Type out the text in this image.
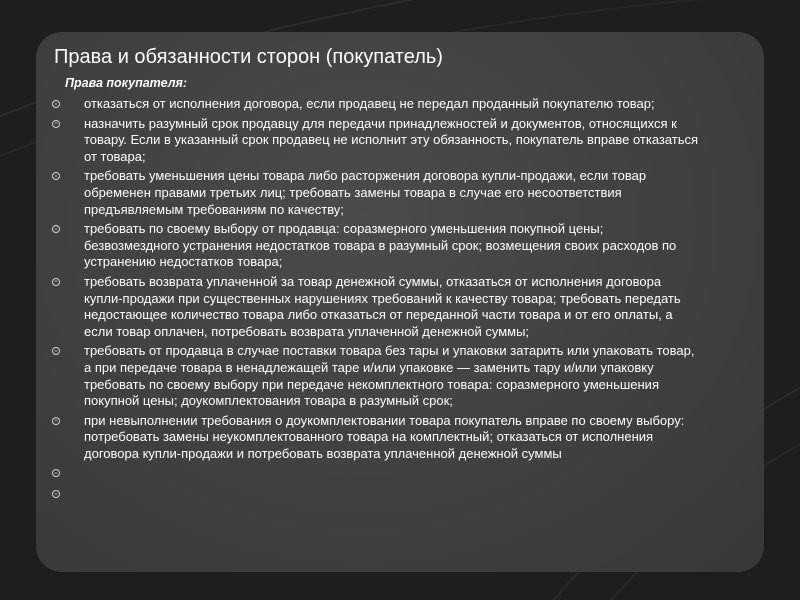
Права и обязанности сторон (покупатель)
Права покупателя:
отказаться от исполнения договора, если продавец не передал проданный покупателю товар;
назначить разумный срок продавцу для передачи принадлежностей и документов, относящихся к товару. Если в указанный срок продавец не исполнит эту обязанность, покупатель вправе отказаться от товара;
требовать уменьшения цены товара либо расторжения договора купли-продажи, если товар обременен правами третьих лиц; требовать замены товара в случае его несоответствия предъявляемым требованиям по качеству;
требовать по своему выбору от продавца: соразмерного уменьшения покупной цены; безвозмездного устранения недостатков товара в разумный срок; возмещения своих расходов по устранению недостатков товара;
требовать возврата уплаченной за товар денежной суммы, отказаться от исполнения договора купли-продажи при существенных нарушениях требований к качеству товара; требовать передать недостающее количество товара либо отказаться от переданной части товара и от его оплаты, а если товар оплачен, потребовать возврата уплаченной денежной суммы;
требовать от продавца в случае поставки товара без тары и упаковки затарить или упаковать товар, а при передаче товара в ненадлежащей таре и/или упаковке — заменить тару и/или упаковку требовать по своему выбору при передаче некомплектного товара: соразмерного уменьшения покупной цены; доукомплектования товара в разумный срок;
при невыполнении требования о доукомплектовании товара покупатель вправе по своему выбору: потребовать замены неукомплектованного товара на комплектный; отказаться от исполнения договора купли-продажи и потребовать возврата уплаченной денежной суммы
